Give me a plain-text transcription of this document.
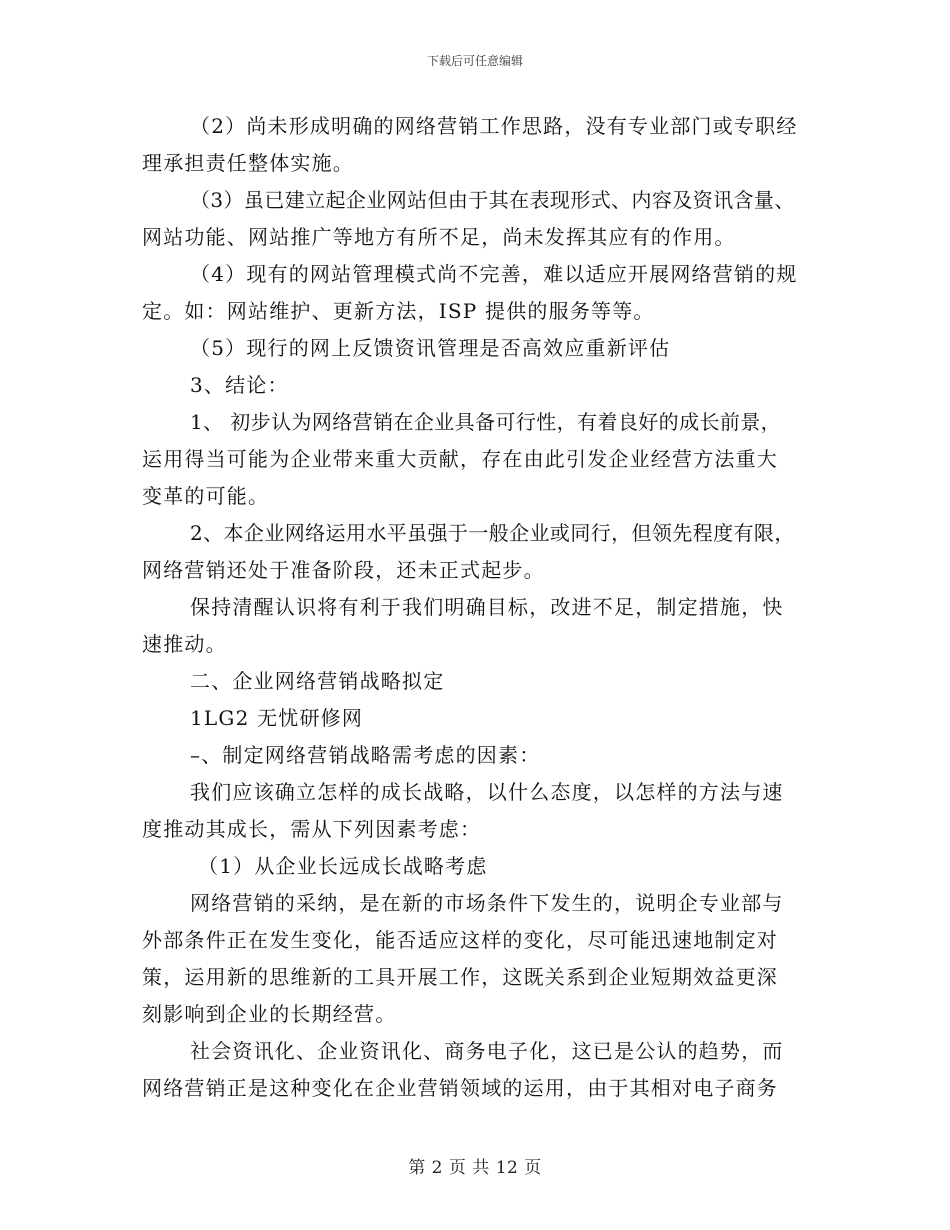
下载后可任意编辑
（2）尚未形成明确的网络营销工作思路，没有专业部门或专职经
理承担责任整体实施。
（3）虽已建立起企业网站但由于其在表现形式、内容及资讯含量、
网站功能、网站推广等地方有所不足，尚未发挥其应有的作用。
（4）现有的网站管理模式尚不完善，难以适应开展网络营销的规
定。如：网站维护、更新方法，ISP 提供的服务等等。
（5）现行的网上反馈资讯管理是否高效应重新评估
3、结论：
1、 初步认为网络营销在企业具备可行性，有着良好的成长前景，
运用得当可能为企业带来重大贡献，存在由此引发企业经营方法重大
变革的可能。
2、本企业网络运用水平虽强于一般企业或同行，但领先程度有限，
网络营销还处于准备阶段，还未正式起步。
保持清醒认识将有利于我们明确目标，改进不足，制定措施，快
速推动。
二、企业网络营销战略拟定
1LG2 无忧研修网
–、制定网络营销战略需考虑的因素：
我们应该确立怎样的成长战略，以什么态度，以怎样的方法与速
度推动其成长，需从下列因素考虑：
（1）从企业长远成长战略考虑
网络营销的采纳，是在新的市场条件下发生的，说明企专业部与
外部条件正在发生变化，能否适应这样的变化，尽可能迅速地制定对
策，运用新的思维新的工具开展工作，这既关系到企业短期效益更深
刻影响到企业的长期经营。
社会资讯化、企业资讯化、商务电子化，这已是公认的趋势，而
网络营销正是这种变化在企业营销领域的运用，由于其相对电子商务
第 2 页 共 12 页
